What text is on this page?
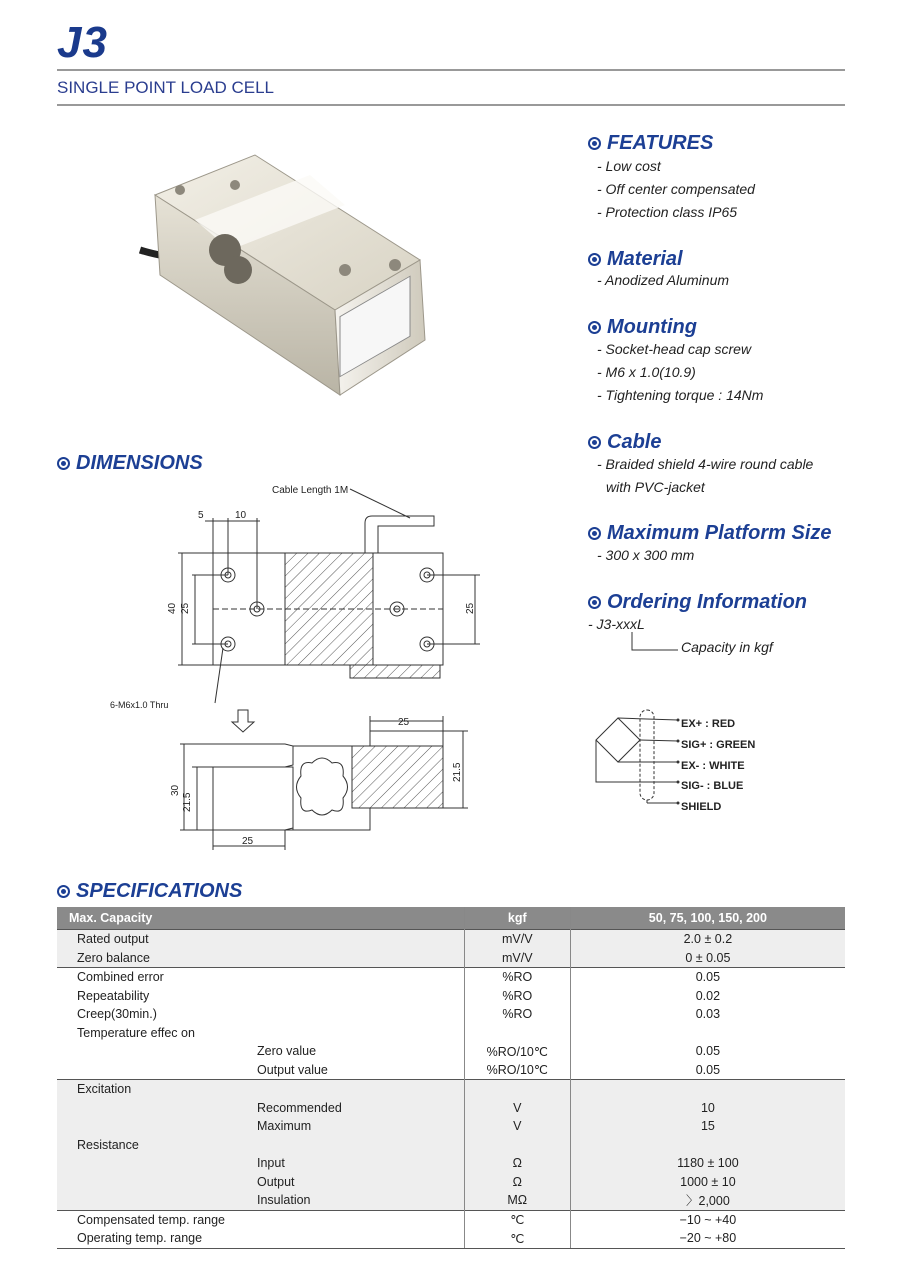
J3
SINGLE POINT LOAD CELL
FEATURES
- Low cost
- Off center compensated
- Protection class IP65
Material
- Anodized Aluminum
Mounting
- Socket-head cap screw
- M6 x 1.0(10.9)
- Tightening torque : 14Nm
Cable
- Braided shield 4-wire round cable
with PVC-jacket
Maximum Platform Size
- 300 x 300 mm
Ordering Information
- J3-xxxL
Capacity in kgf
EX+ : RED
SIG+ : GREEN
EX- : WHITE
SIG- : BLUE
SHIELD
DIMENSIONS
Cable Length 1M
5	10
40 25	25
6-M6x1.0 Thru
25
30
21.5
21.5
25
SPECIFICATIONS
Max. Capacity		kgf	50, 75, 100, 150, 200
Rated output		mV/V	2.0 ± 0.2
Zero balance		mV/V	0 ± 0.05
Combined error		%RO	0.05
Repeatability		%RO	0.02
Creep(30min.)		%RO	0.03
Temperature effec on			
	Zero value	%RO/10℃	0.05
	Output value	%RO/10℃	0.05
Excitation			
	Recommended	V	10
	Maximum	V	15
Resistance			
	Input	Ω	1180 ± 100
	Output	Ω	1000 ± 10
	Insulation	MΩ	〉2,000
Compensated temp. range		℃	−10 ~ +40
Operating temp. range		℃	−20 ~ +80
